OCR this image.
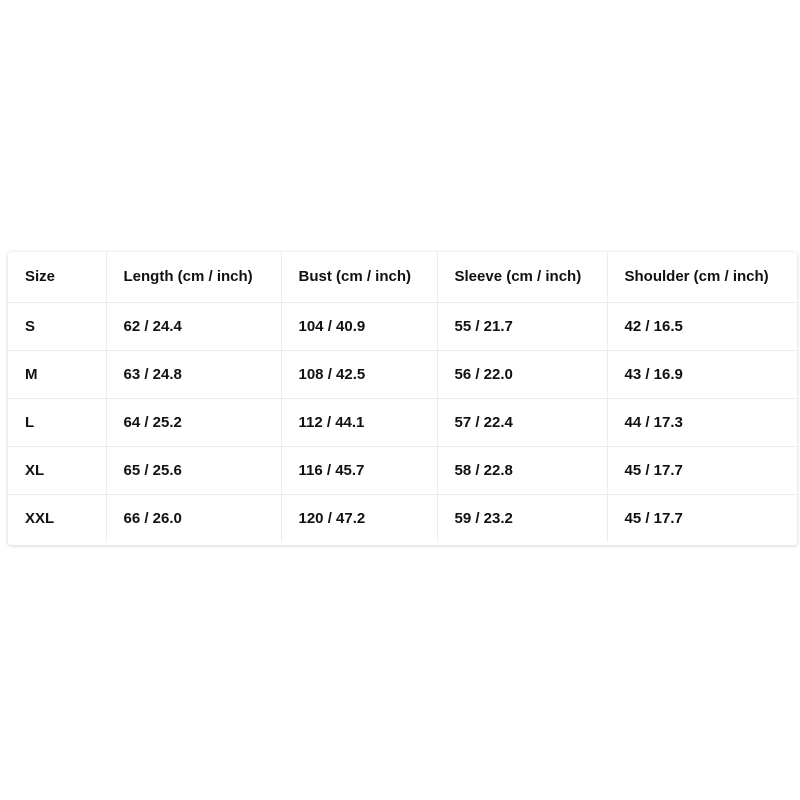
Size	Length (cm / inch)	Bust (cm / inch)	Sleeve (cm / inch)	Shoulder (cm / inch)
S	62 / 24.4	104 / 40.9	55 / 21.7	42 / 16.5
M	63 / 24.8	108 / 42.5	56 / 22.0	43 / 16.9
L	64 / 25.2	112 / 44.1	57 / 22.4	44 / 17.3
XL	65 / 25.6	116 / 45.7	58 / 22.8	45 / 17.7
XXL	66 / 26.0	120 / 47.2	59 / 23.2	45 / 17.7
